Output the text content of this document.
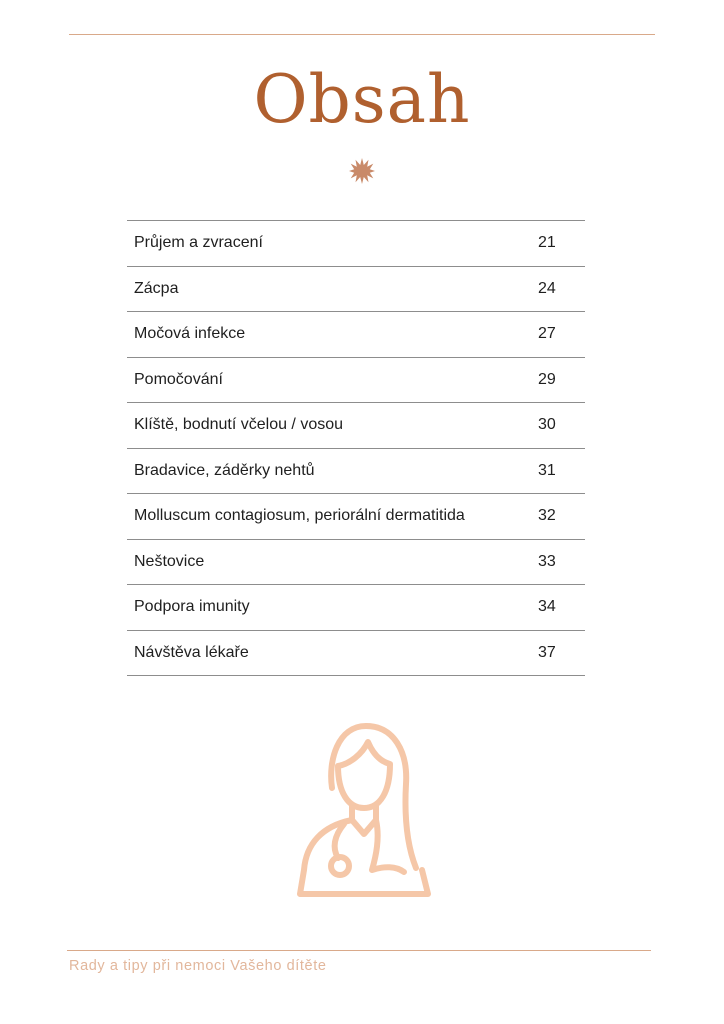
Obsah
Průjem a zvracení	21
Zácpa	24
Močová infekce	27
Pomočování	29
Klíště, bodnutí včelou / vosou	30
Bradavice, záděrky nehtů	31
Molluscum contagiosum, periorální dermatitida	32
Neštovice	33
Podpora imunity	34
Návštěva lékaře	37
Rady a tipy při nemoci Vašeho dítěte
